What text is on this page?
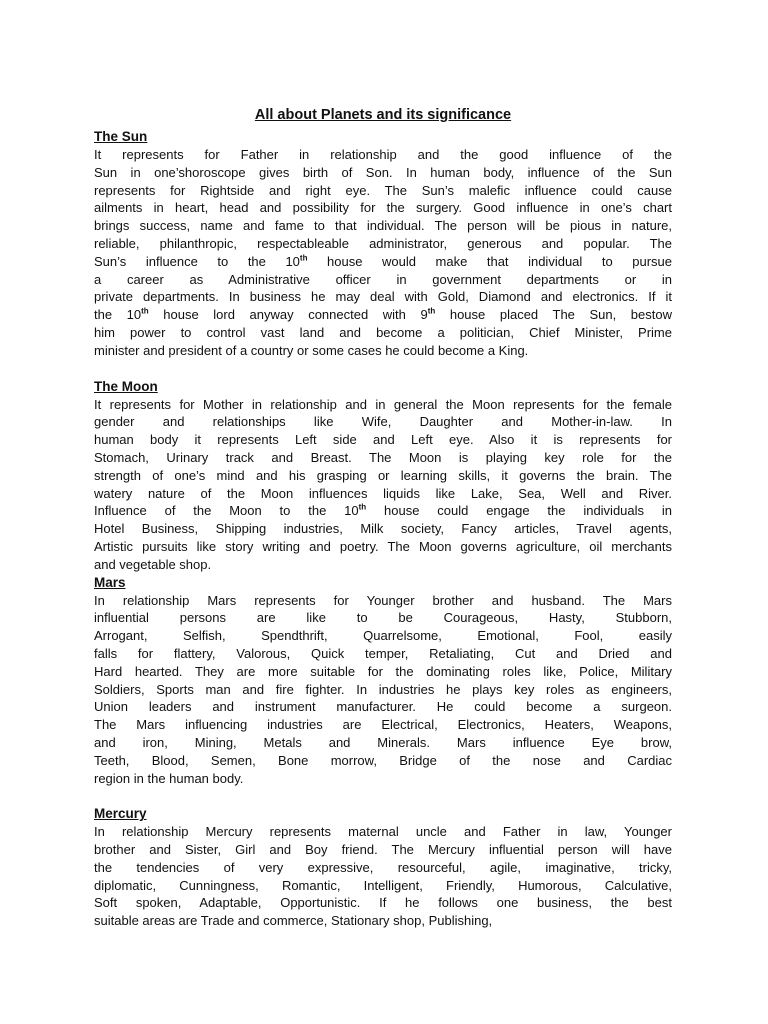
All about Planets and its significance
The Sun
It represents for Father in relationship and the good influence of the
Sun in one’shoroscope gives birth of Son. In human body, influence of the Sun
represents for Rightside and right eye. The Sun’s malefic influence could cause
ailments in heart, head and possibility for the surgery. Good influence in one’s chart
brings success, name and fame to that individual. The person will be pious in nature,
reliable, philanthropic, respectableable administrator, generous and popular. The
Sun’s influence to the 10th house would make that individual to pursue
a career as Administrative officer in government departments or in
private departments. In business he may deal with Gold, Diamond and electronics. If it
the 10th house lord anyway connected with 9th house placed The Sun, bestow
him power to control vast land and become a politician, Chief Minister, Prime
minister and president of a country or some cases he could become a King.
The Moon
It represents for Mother in relationship and in general the Moon represents for the female
gender and relationships like Wife, Daughter and Mother-in-law. In
human body it represents Left side and Left eye. Also it is represents for
Stomach, Urinary track and Breast. The Moon is playing key role for the
strength of one’s mind and his grasping or learning skills, it governs the brain. The
watery nature of the Moon influences liquids like Lake, Sea, Well and River.
Influence of the Moon to the 10th house could engage the individuals in
Hotel Business, Shipping industries, Milk society, Fancy articles, Travel agents,
Artistic pursuits like story writing and poetry. The Moon governs agriculture, oil merchants
and vegetable shop.
Mars
In relationship Mars represents for Younger brother and husband. The Mars
influential persons are like to be Courageous, Hasty, Stubborn,
Arrogant, Selfish, Spendthrift, Quarrelsome, Emotional, Fool, easily
falls for flattery, Valorous, Quick temper, Retaliating, Cut and Dried and
Hard hearted. They are more suitable for the dominating roles like, Police, Military
Soldiers, Sports man and fire fighter. In industries he plays key roles as engineers,
Union leaders and instrument manufacturer. He could become a surgeon.
The Mars influencing industries are Electrical, Electronics, Heaters, Weapons,
and iron, Mining, Metals and Minerals. Mars influence Eye brow,
Teeth, Blood, Semen, Bone morrow, Bridge of the nose and Cardiac
region in the human body.
Mercury
In relationship Mercury represents maternal uncle and Father in law, Younger
brother and Sister, Girl and Boy friend. The Mercury influential person will have
the tendencies of very expressive, resourceful, agile, imaginative, tricky,
diplomatic, Cunningness, Romantic, Intelligent, Friendly, Humorous, Calculative,
Soft spoken, Adaptable, Opportunistic. If he follows one business, the best
suitable areas are Trade and commerce, Stationary shop, Publishing,
